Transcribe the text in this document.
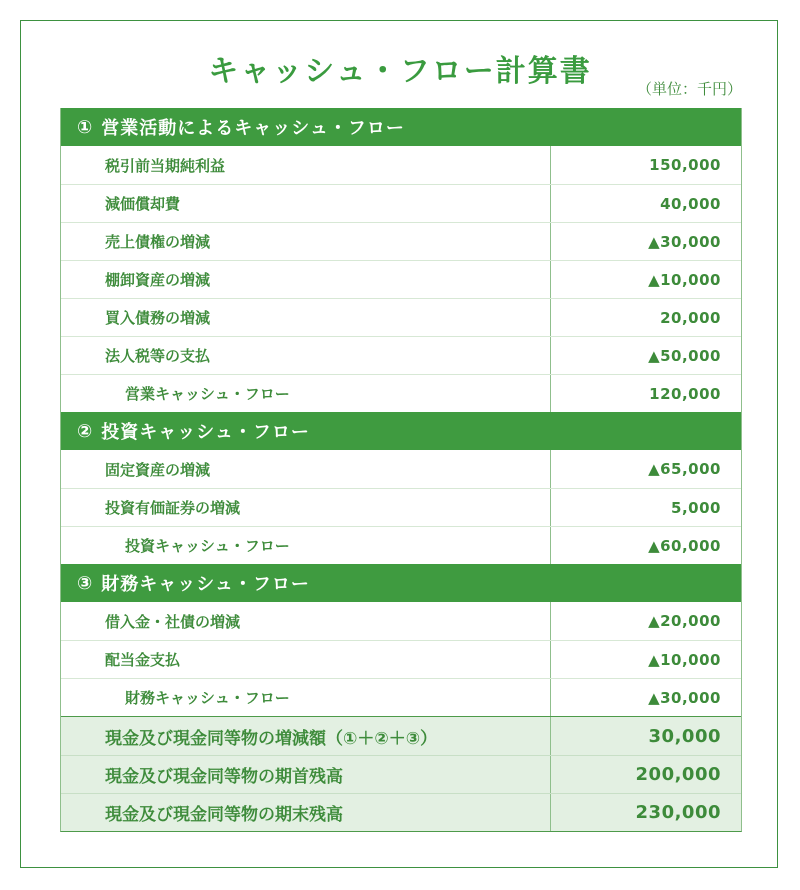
キャッシュ・フロー計算書	（単位：千円）
① 営業活動によるキャッシュ・フロー
税引前当期純利益	150,000
減価償却費	40,000
売上債権の増減	▲30,000
棚卸資産の増減	▲10,000
買入債務の増減	20,000
法人税等の支払	▲50,000
営業キャッシュ・フロー	120,000
② 投資キャッシュ・フロー
固定資産の増減	▲65,000
投資有価証券の増減	5,000
投資キャッシュ・フロー	▲60,000
③ 財務キャッシュ・フロー
借入金・社債の増減	▲20,000
配当金支払	▲10,000
財務キャッシュ・フロー	▲30,000
現金及び現金同等物の増減額（①＋②＋③）	30,000
現金及び現金同等物の期首残高	200,000
現金及び現金同等物の期末残高	230,000
